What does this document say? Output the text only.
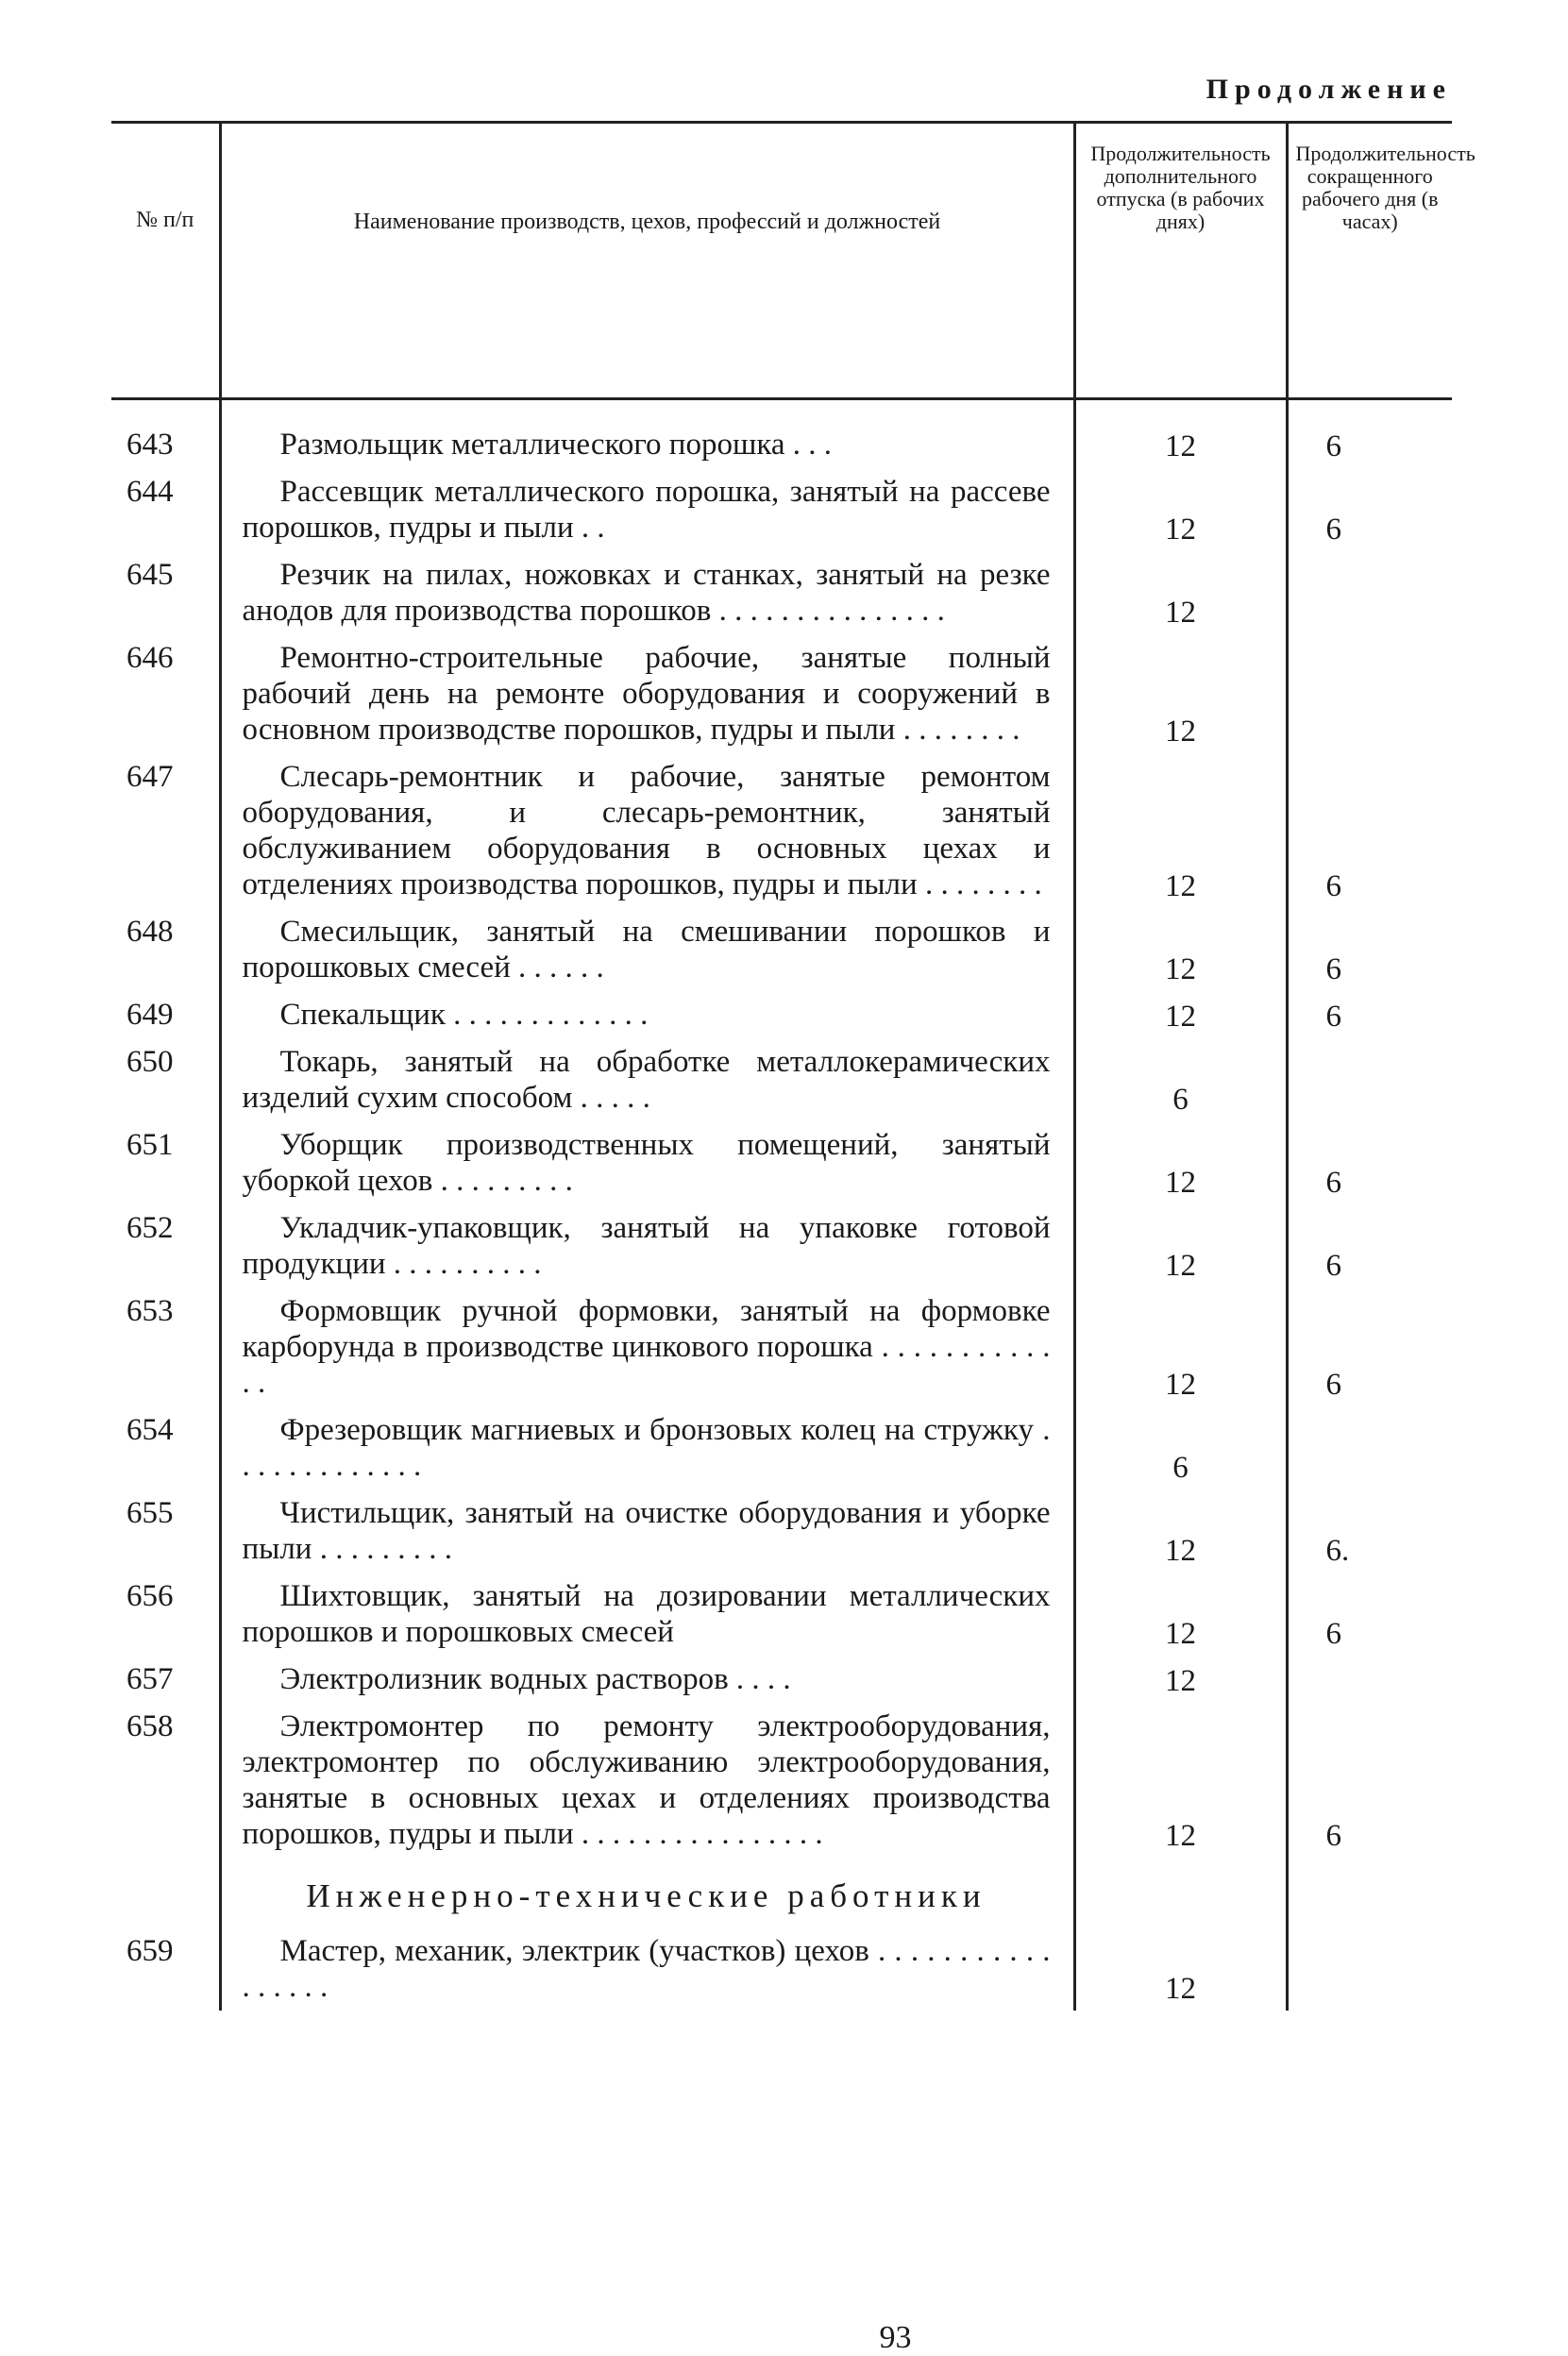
Продолжение
№ п/п	Наименование производств, цехов, профессий и должностей	Продолжительность дополнительного отпуска (в рабочих днях)	Продолжительность сокращенного рабочего дня (в часах)

643	Размольщик металлического порошка . . .	12	6

644	Рассевщик металлического порошка, занятый на рассеве порошков, пудры и пыли . .	12	6

645	Резчик на пилах, ножовках и станках, занятый на резке анодов для производства порошков . . . . . . . . . . . . . . .	12	

646	Ремонтно-строительные рабочие, занятые полный рабочий день на ремонте оборудования и сооружений в основном производстве порошков, пудры и пыли . . . . . . . .	12	

647	Слесарь-ремонтник и рабочие, занятые ремонтом оборудования, и слесарь-ремонтник, занятый обслуживанием оборудования в основных цехах и отделениях производства порошков, пудры и пыли . . . . . . . .	12	6

648	Смесильщик, занятый на смешивании порошков и порошковых смесей . . . . . .	12	6

649	Спекальщик . . . . . . . . . . . . .	12	6

650	Токарь, занятый на обработке металлокерамических изделий сухим способом . . . . .	6	

651	Уборщик производственных помещений, занятый уборкой цехов . . . . . . . . .	12	6

652	Укладчик-упаковщик, занятый на упаковке готовой продукции . . . . . . . . . .	12	6

653	Формовщик ручной формовки, занятый на формовке карборунда в производстве цинкового порошка . . . . . . . . . . . . .	12	6

654	Фрезеровщик магниевых и бронзовых колец на стружку . . . . . . . . . . . . .	6	

655	Чистильщик, занятый на очистке оборудования и уборке пыли . . . . . . . . .	12	6.

656	Шихтовщик, занятый на дозировании металлических порошков и порошковых смесей	12	6

657	Электролизник водных растворов . . . .	12	

658	Электромонтер по ремонту электрооборудования, электромонтер по обслуживанию электрооборудования, занятые в основных цехах и отделениях производства порошков, пудры и пыли . . . . . . . . . . . . . . . .	12	6

	Инженерно-технические работники		

659	Мастер, механик, электрик (участков) цехов . . . . . . . . . . . . . . . . .	12	

93
